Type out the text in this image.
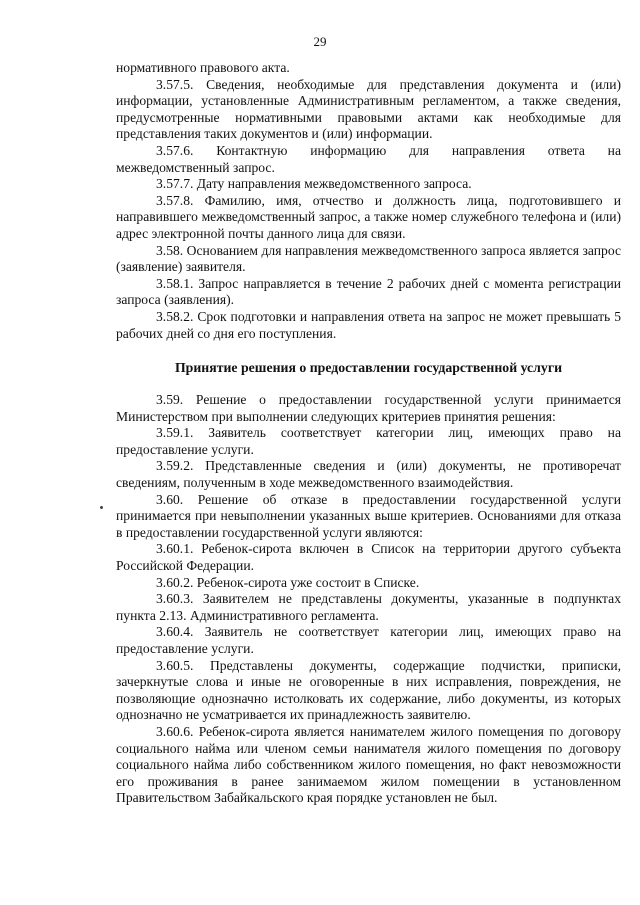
29

нормативного правового акта.

3.57.5. Сведения, необходимые для представления документа и (или) информации, установленные Административным регламентом, а также сведения, предусмотренные нормативными правовыми актами как необходимые для представления таких документов и (или) информации.

3.57.6. Контактную информацию для направления ответа на межведомственный запрос.

3.57.7. Дату направления межведомственного запроса.

3.57.8. Фамилию, имя, отчество и должность лица, подготовившего и направившего межведомственный запрос, а также номер служебного телефона и (или) адрес электронной почты данного лица для связи.

3.58. Основанием для направления межведомственного запроса является запрос (заявление) заявителя.

3.58.1. Запрос направляется в течение 2 рабочих дней с момента регистрации запроса (заявления).

3.58.2. Срок подготовки и направления ответа на запрос не может превышать 5 рабочих дней со дня его поступления.

Принятие решения о предоставлении государственной услуги

3.59. Решение о предоставлении государственной услуги принимается Министерством при выполнении следующих критериев принятия решения:

3.59.1. Заявитель соответствует категории лиц, имеющих право на предоставление услуги.

3.59.2. Представленные сведения и (или) документы, не противоречат сведениям, полученным в ходе межведомственного взаимодействия.

3.60. Решение об отказе в предоставлении государственной услуги принимается при невыполнении указанных выше критериев. Основаниями для отказа в предоставлении государственной услуги являются:

3.60.1. Ребенок-сирота включен в Список на территории другого субъекта Российской Федерации.

3.60.2. Ребенок-сирота уже состоит в Списке.

3.60.3. Заявителем не представлены документы, указанные в подпунктах пункта 2.13. Административного регламента.

3.60.4. Заявитель не соответствует категории лиц, имеющих право на предоставление услуги.

3.60.5. Представлены документы, содержащие подчистки, приписки, зачеркнутые слова и иные не оговоренные в них исправления, повреждения, не позволяющие однозначно истолковать их содержание, либо документы, из которых однозначно не усматривается их принадлежность заявителю.

3.60.6. Ребенок-сирота является нанимателем жилого помещения по договору социального найма или членом семьи нанимателя жилого помещения по договору социального найма либо собственником жилого помещения, но факт невозможности его проживания в ранее занимаемом жилом помещении в установленном Правительством Забайкальского края порядке установлен не был.
